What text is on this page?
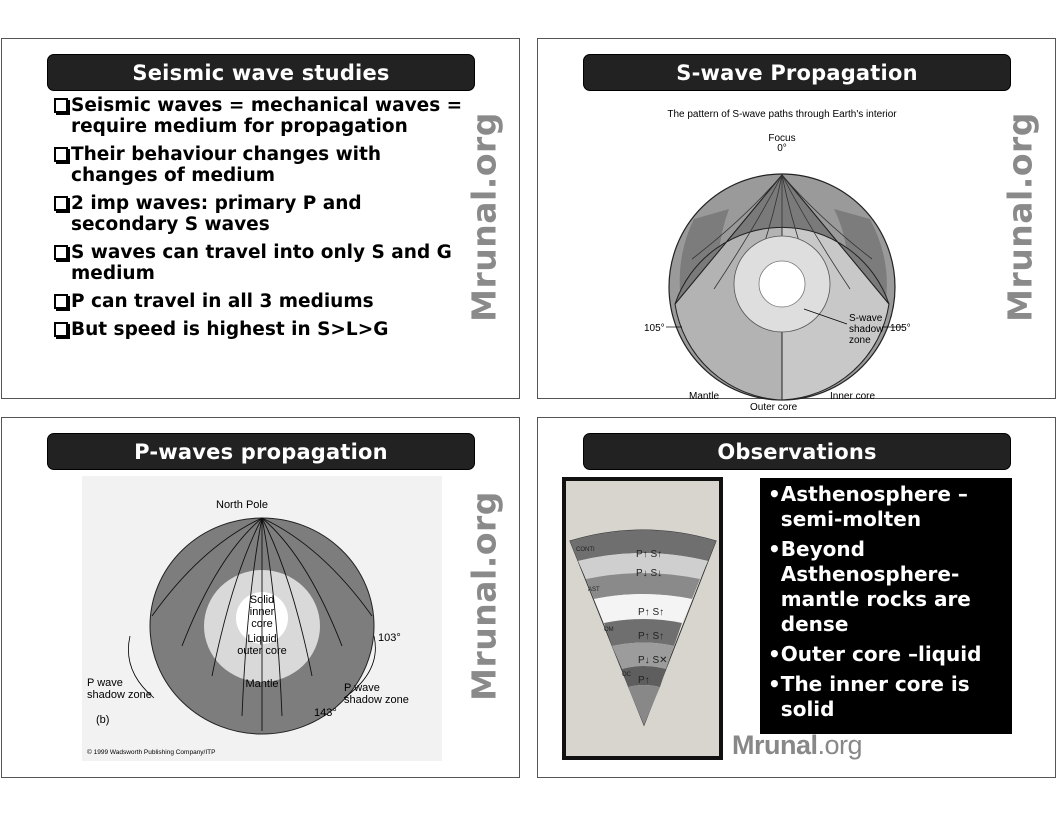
Seismic wave studies
Seismic waves = mechanical waves = require medium for propagation
Their behaviour changes with changes of medium
2 imp waves: primary P and secondary S waves
S waves can travel into only S and G medium
P can travel in all 3 mediums
But speed is highest in S>L>G
Mrunal.org
S-wave Propagation
The pattern of S-wave paths through Earth's interior
Focus
0°
105°	105°
S-wave
shadow
zone
Mantle
Outer core
Inner core
Mrunal.org
P-waves propagation
North Pole
Solid
inner
core
Liquid
outer core
Mantle
103°
143°
P wave
shadow zone
P wave
shadow zone
(b)
© 1999 Wadsworth Publishing Company/ITP
Mrunal.org
Observations
P↑ S↑
P↓ S↓
P↑ S↑
P↑ S↑
P↓ S✕
P↑
CONTI
AST
OM
OC
• Asthenosphere – semi-molten
• Beyond Asthenosphere- mantle rocks are dense
• Outer core –liquid
• The inner core is solid
Mrunal.org
